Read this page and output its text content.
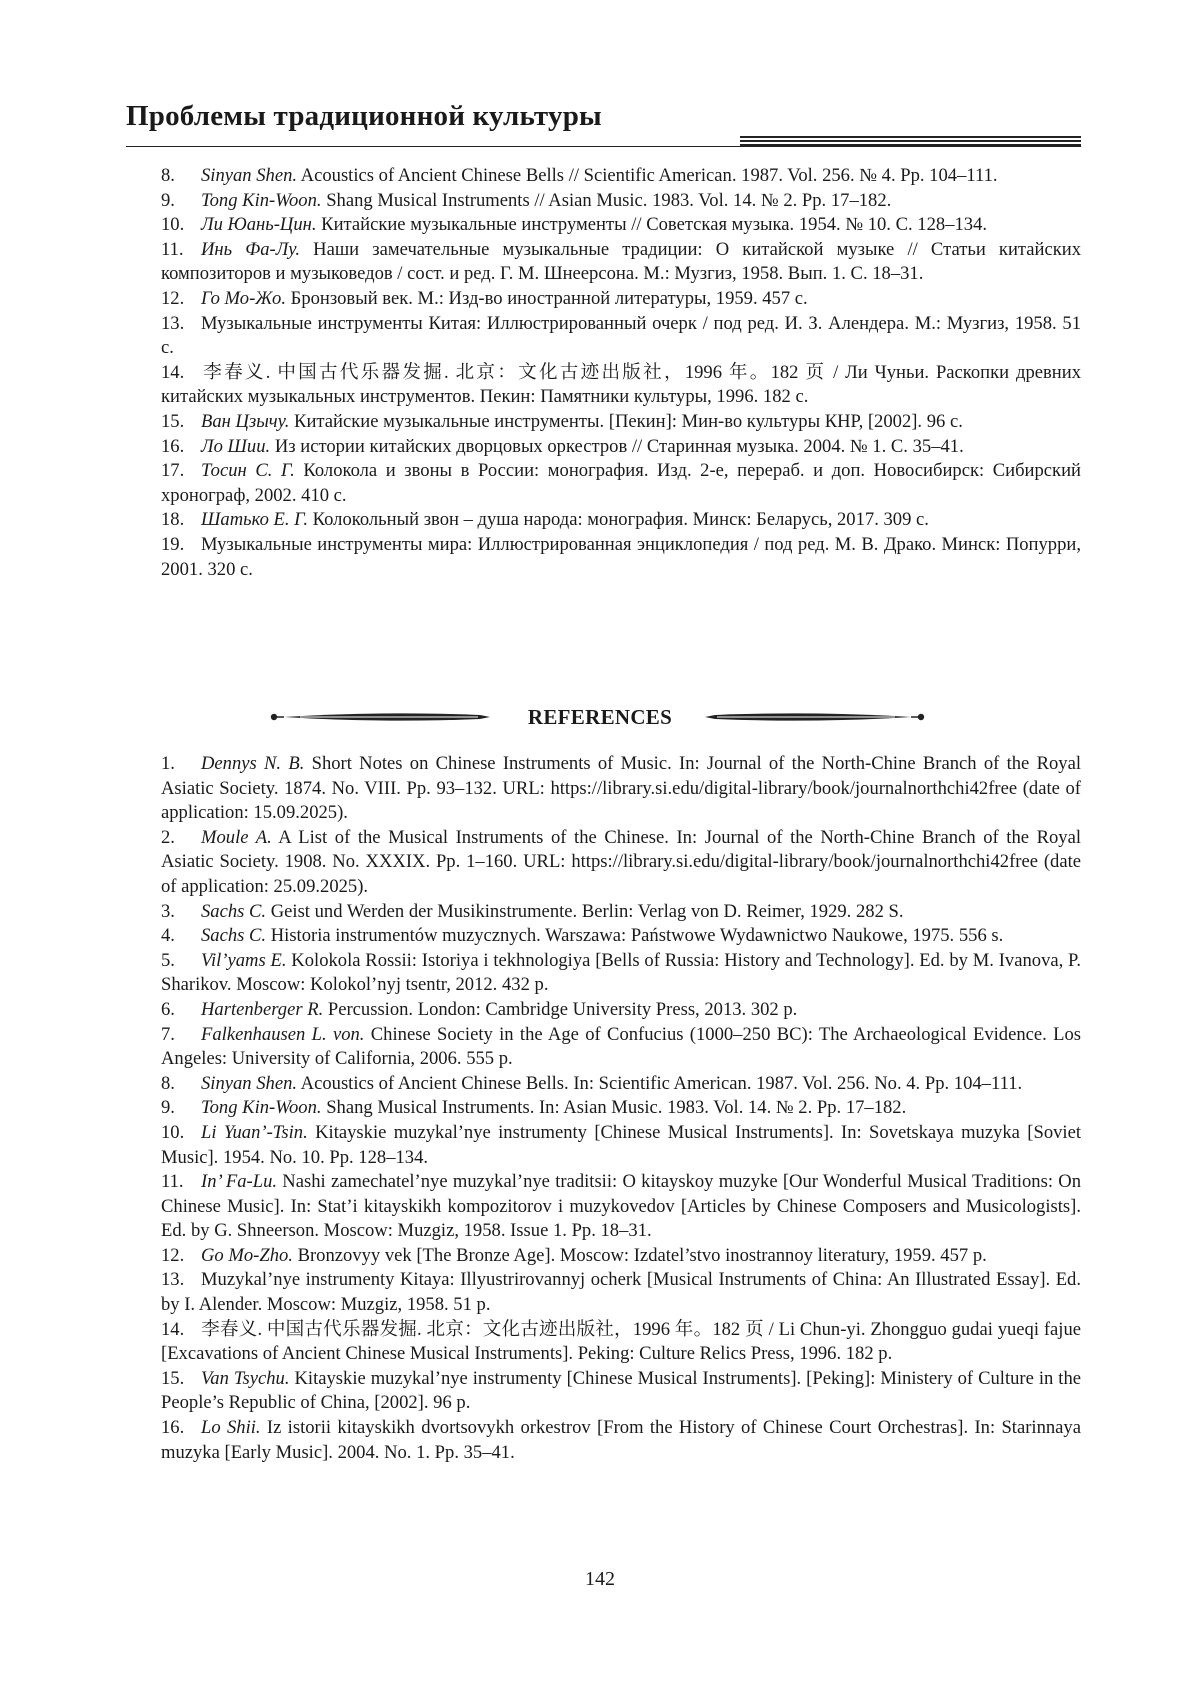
Проблемы традиционной культуры
8. Sinyan Shen. Acoustics of Ancient Chinese Bells // Scientific American. 1987. Vol. 256. № 4. Pp. 104–111.
9. Tong Kin-Woon. Shang Musical Instruments // Asian Music. 1983. Vol. 14. № 2. Pp. 17–182.
10. Ли Юань-Цин. Китайские музыкальные инструменты // Советская музыка. 1954. № 10. С. 128–134.
11. Инь Фа-Лу. Наши замечательные музыкальные традиции: О китайской музыке // Статьи китайских композиторов и музыковедов / сост. и ред. Г. М. Шнеерсона. М.: Музгиз, 1958. Вып. 1. С. 18–31.
12. Го Мо-Жо. Бронзовый век. М.: Изд-во иностранной литературы, 1959. 457 с.
13. Музыкальные инструменты Китая: Иллюстрированный очерк / под ред. И. З. Алендера. М.: Музгиз, 1958. 51 с.
14. 李春义. 中国古代乐器发掘. 北京：文化古迹出版社，1996 年。182 页 / Ли Чуньи. Раскопки древних китайских музыкальных инструментов. Пекин: Памятники культуры, 1996. 182 с.
15. Ван Цзычу. Китайские музыкальные инструменты. [Пекин]: Мин-во культуры КНР, [2002]. 96 с.
16. Ло Шии. Из истории китайских дворцовых оркестров // Старинная музыка. 2004. № 1. С. 35–41.
17. Тосин С. Г. Колокола и звоны в России: монография. Изд. 2-е, перераб. и доп. Новосибирск: Сибирский хронограф, 2002. 410 с.
18. Шатько Е. Г. Колокольный звон – душа народа: монография. Минск: Беларусь, 2017. 309 с.
19. Музыкальные инструменты мира: Иллюстрированная энциклопедия / под ред. М. В. Драко. Минск: Попурри, 2001. 320 с.
REFERENCES
1. Dennys N. B. Short Notes on Chinese Instruments of Music. In: Journal of the North-Chine Branch of the Royal Asiatic Society. 1874. No. VIII. Pp. 93–132. URL: https://library.si.edu/digital-library/book/journalnorthchi42free (date of application: 15.09.2025).
2. Moule A. A List of the Musical Instruments of the Chinese. In: Journal of the North-Chine Branch of the Royal Asiatic Society. 1908. No. XXXIX. Pp. 1–160. URL: https://library.si.edu/digital-library/book/journalnorthchi42free (date of application: 25.09.2025).
3. Sachs C. Geist und Werden der Musikinstrumente. Berlin: Verlag von D. Reimer, 1929. 282 S.
4. Sachs C. Historia instrumentów muzycznych. Warszawa: Państwowe Wydawnictwo Naukowe, 1975. 556 s.
5. Vil’yams E. Kolokola Rossii: Istoriya i tekhnologiya [Bells of Russia: History and Technology]. Ed. by M. Ivanova, P. Sharikov. Moscow: Kolokol’nyj tsentr, 2012. 432 p.
6. Hartenberger R. Percussion. London: Cambridge University Press, 2013. 302 p.
7. Falkenhausen L. von. Chinese Society in the Age of Confucius (1000–250 BC): The Archaeological Evidence. Los Angeles: University of California, 2006. 555 p.
8. Sinyan Shen. Acoustics of Ancient Chinese Bells. In: Scientific American. 1987. Vol. 256. No. 4. Pp. 104–111.
9. Tong Kin-Woon. Shang Musical Instruments. In: Asian Music. 1983. Vol. 14. № 2. Pp. 17–182.
10. Li Yuan’-Tsin. Kitayskie muzykal’nye instrumenty [Chinese Musical Instruments]. In: Sovetskaya muzyka [Soviet Music]. 1954. No. 10. Pp. 128–134.
11. In’ Fa-Lu. Nashi zamechatel’nye muzykal’nye traditsii: O kitayskoy muzyke [Our Wonderful Musical Traditions: On Chinese Music]. In: Stat’i kitayskikh kompozitorov i muzykovedov [Articles by Chinese Composers and Musicologists]. Ed. by G. Shneerson. Moscow: Muzgiz, 1958. Issue 1. Pp. 18–31.
12. Go Mo-Zho. Bronzovyy vek [The Bronze Age]. Moscow: Izdatel’stvo inostrannoy literatury, 1959. 457 p.
13. Muzykal’nye instrumenty Kitaya: Illyustrirovannyj ocherk [Musical Instruments of China: An Illustrated Essay]. Ed. by I. Alender. Moscow: Muzgiz, 1958. 51 p.
14. 李春义. 中国古代乐器发掘. 北京：文化古迹出版社，1996 年。182 页 / Li Chun-yi. Zhongguo gudai yueqi fajue [Excavations of Ancient Chinese Musical Instruments]. Peking: Culture Relics Press, 1996. 182 p.
15. Van Tsychu. Kitayskie muzykal’nye instrumenty [Chinese Musical Instruments]. [Peking]: Ministery of Culture in the People’s Republic of China, [2002]. 96 p.
16. Lo Shii. Iz istorii kitayskikh dvortsovykh orkestrov [From the History of Chinese Court Orchestras]. In: Starinnaya muzyka [Early Music]. 2004. No. 1. Pp. 35–41.
142
